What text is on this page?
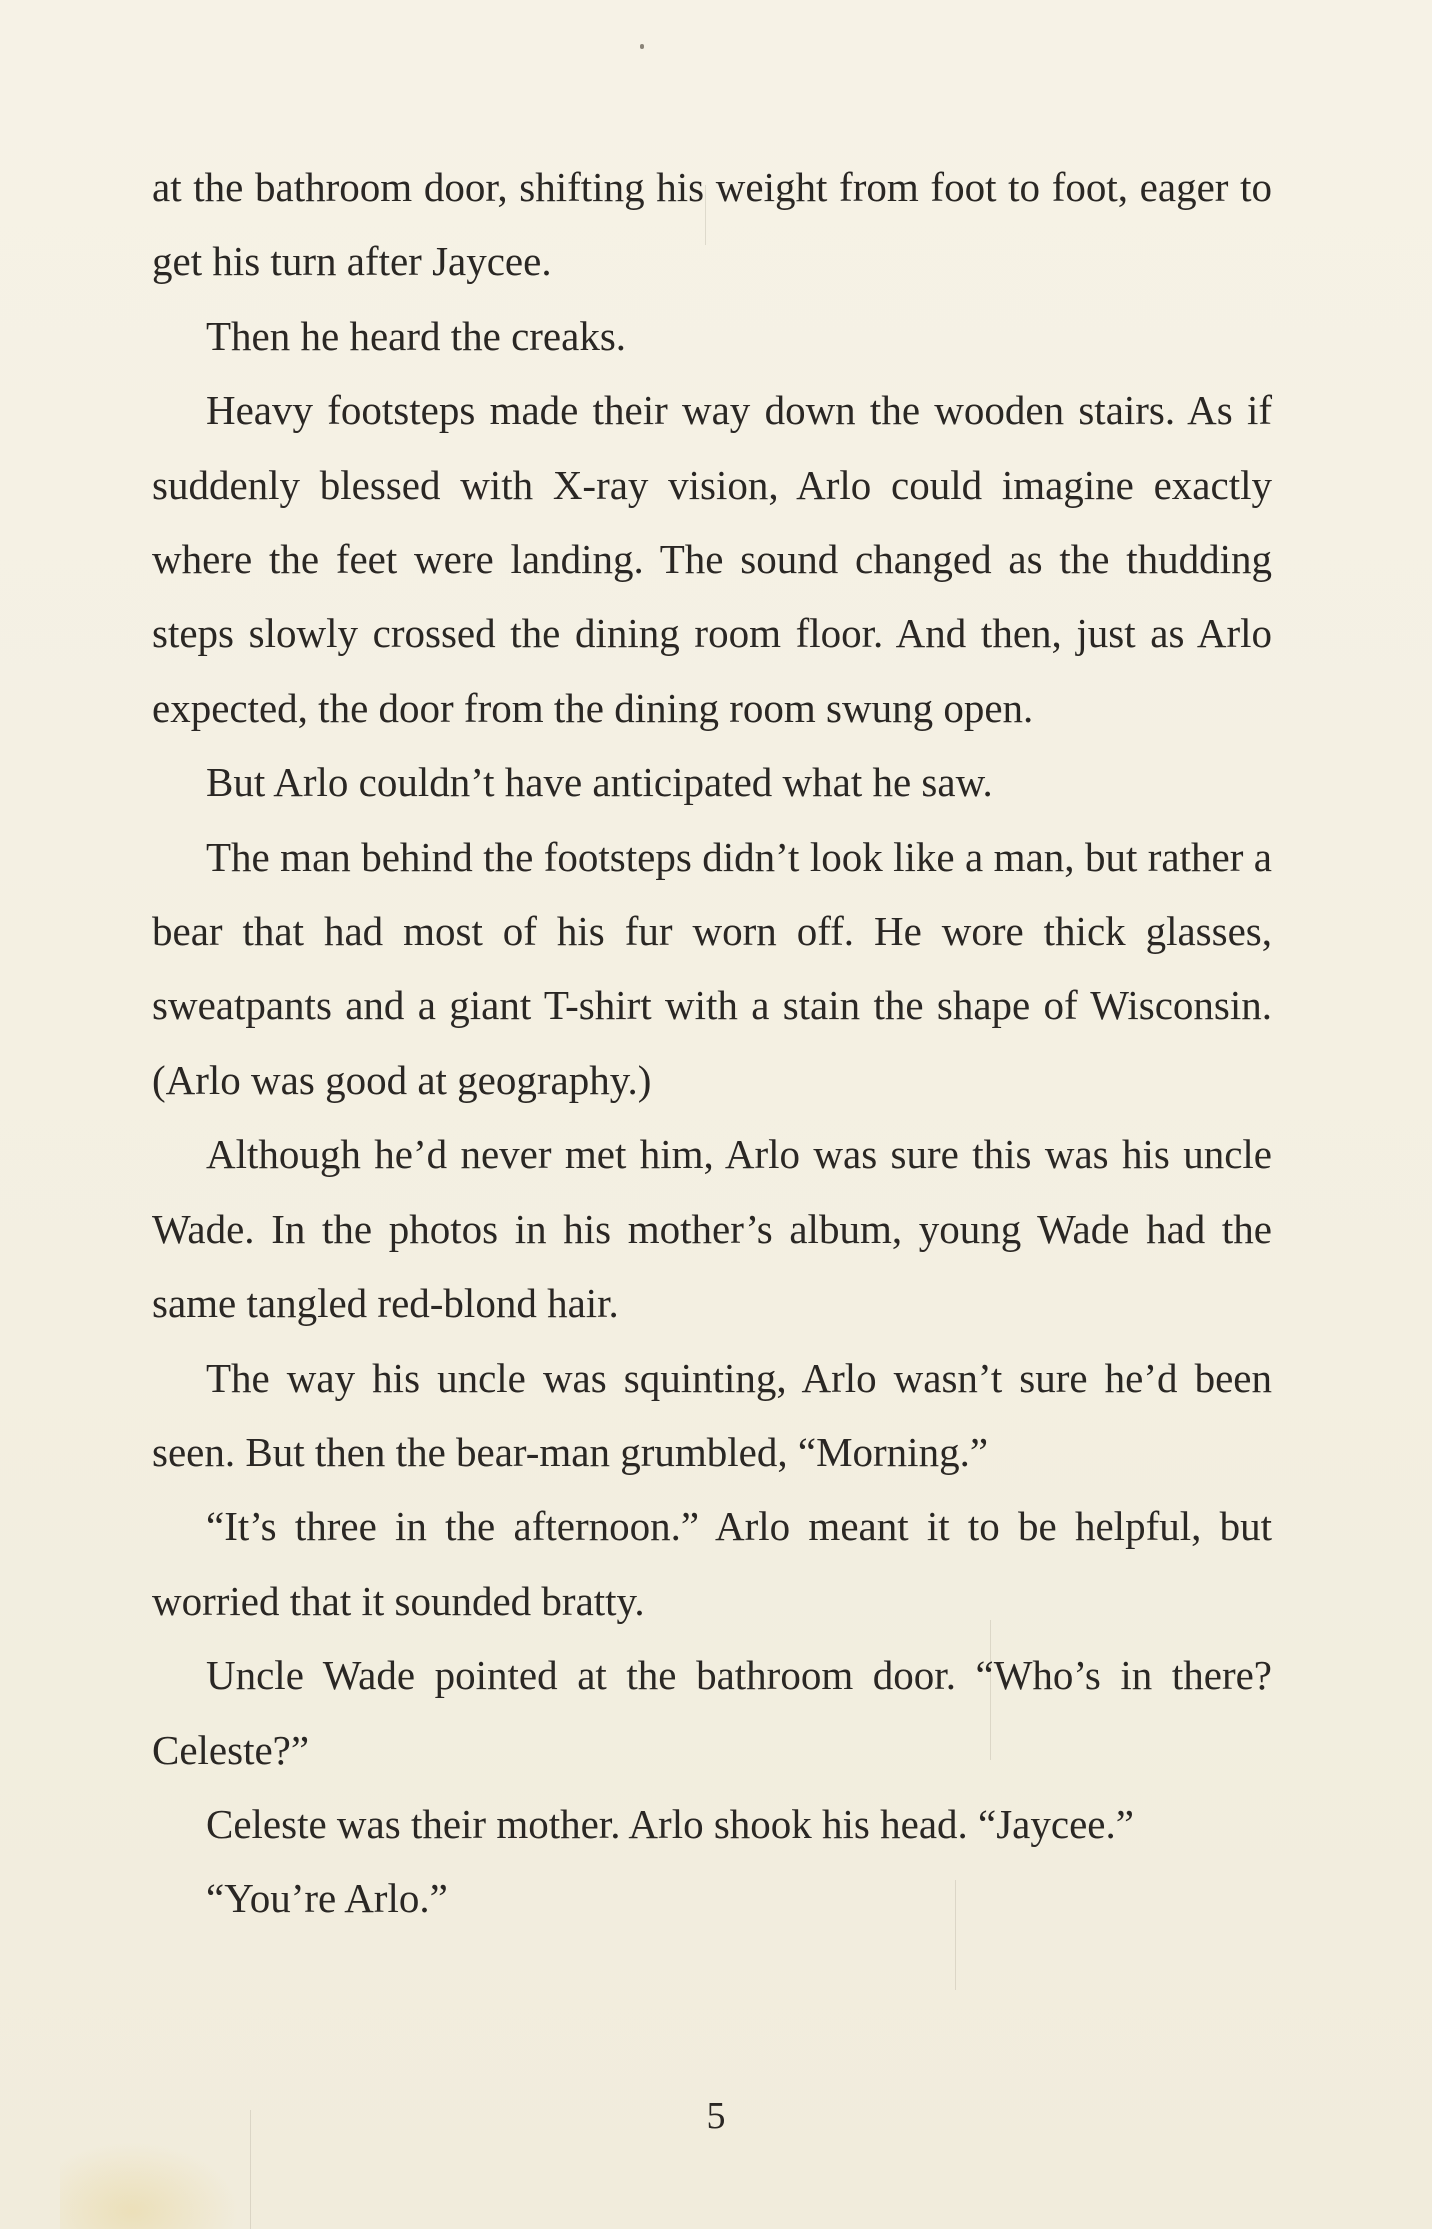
at the bathroom door, shifting his weight from foot to foot, eager to get his turn after Jaycee.

Then he heard the creaks.

Heavy footsteps made their way down the wooden stairs. As if suddenly blessed with X-ray vision, Arlo could imagine exactly where the feet were landing. The sound changed as the thudding steps slowly crossed the dining room floor. And then, just as Arlo expected, the door from the dining room swung open.

But Arlo couldn’t have anticipated what he saw.

The man behind the footsteps didn’t look like a man, but rather a bear that had most of his fur worn off. He wore thick glasses, sweatpants and a giant T-shirt with a stain the shape of Wisconsin. (Arlo was good at geography.)

Although he’d never met him, Arlo was sure this was his uncle Wade. In the photos in his mother’s album, young Wade had the same tangled red-blond hair.

The way his uncle was squinting, Arlo wasn’t sure he’d been seen. But then the bear-man grumbled, “Morning.”

“It’s three in the afternoon.” Arlo meant it to be helpful, but worried that it sounded bratty.

Uncle Wade pointed at the bathroom door. “Who’s in there? Celeste?”

Celeste was their mother. Arlo shook his head. “Jaycee.”

“You’re Arlo.”

5
